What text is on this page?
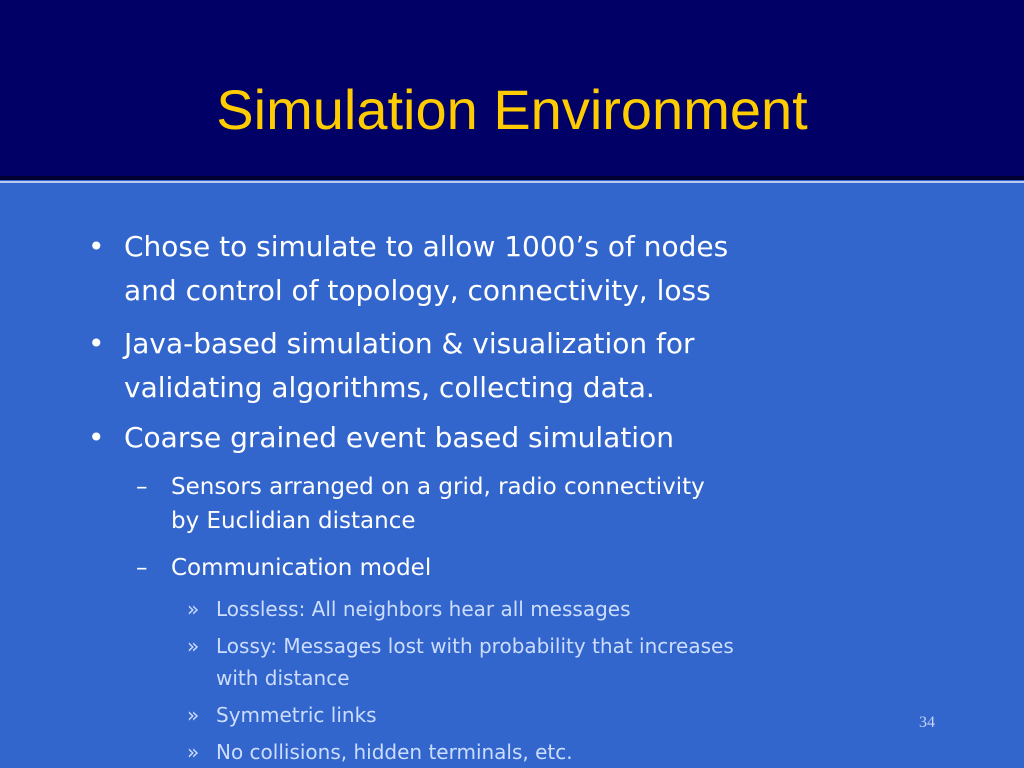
Simulation Environment
• Chose to simulate to allow 1000’s of nodes
and control of topology, connectivity, loss
• Java-based simulation & visualization for
validating algorithms, collecting data.
• Coarse grained event based simulation
– Sensors arranged on a grid, radio connectivity
by Euclidian distance
– Communication model
» Lossless: All neighbors hear all messages
» Lossy: Messages lost with probability that increases
with distance
» Symmetric links
» No collisions, hidden terminals, etc.
34
